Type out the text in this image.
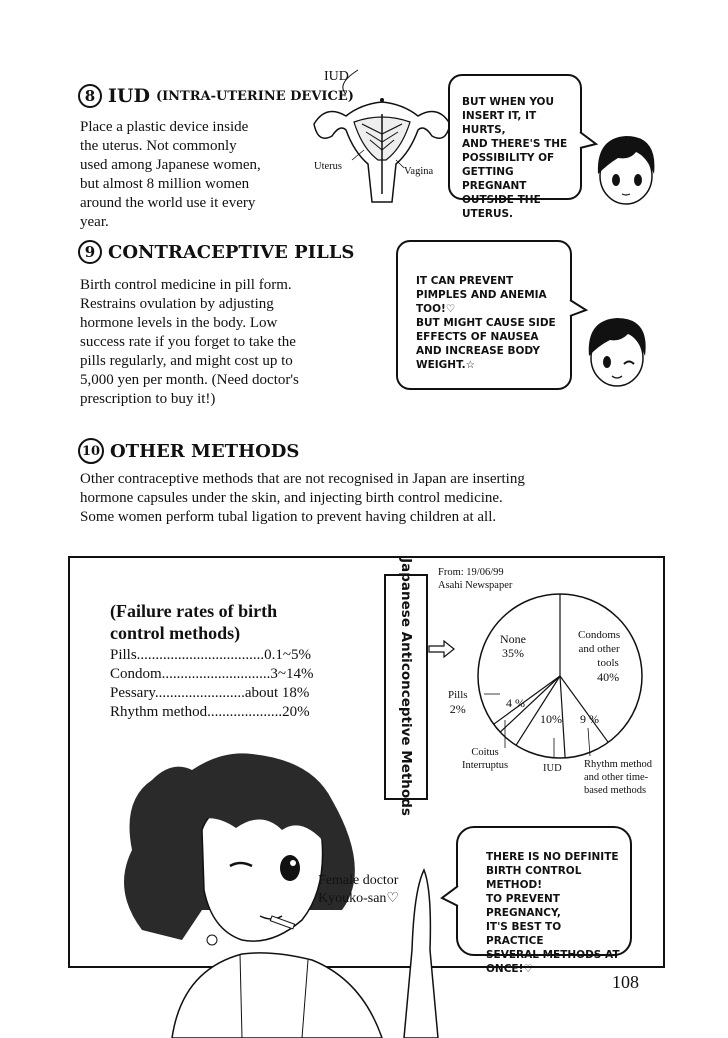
8 IUD (INTRA-UTERINE DEVICE)
Place a plastic device inside
the uterus. Not commonly
used among Japanese women,
but almost 8 million women
around the world use it every
year.
IUD
Uterus	Vagina
BUT WHEN YOU
INSERT IT, IT HURTS,
AND THERE'S THE
POSSIBILITY OF
GETTING PREGNANT
OUTSIDE THE
UTERUS.
9 CONTRACEPTIVE PILLS
Birth control medicine in pill form.
Restrains ovulation by adjusting
hormone levels in the body. Low
success rate if you forget to take the
pills regularly, and might cost up to
5,000 yen per month. (Need doctor's
prescription to buy it!)
IT CAN PREVENT
PIMPLES AND ANEMIA
TOO!♡
BUT MIGHT CAUSE SIDE
EFFECTS OF NAUSEA
AND INCREASE BODY
WEIGHT.☆
10 OTHER METHODS
Other contraceptive methods that are not recognised in Japan are inserting
hormone capsules under the skin, and injecting birth control medicine.
Some women perform tubal ligation to prevent having children at all.
(Failure rates of birth
control methods)
Pills..................................0.1~5%
Condom.............................3~14%
Pessary........................about 18%
Rhythm method....................20%	Japanese Anticonceptive Methods From: 19/06/99
Asahi Newspaper
None
35%
Condoms
and other
tools
40%
Pills
2%	4 %
10% 9 %
Coitus
Interruptus	IUD Rhythm method
and other time-
based methods
Female doctor
Kyouko-san♡
THERE IS NO DEFINITE
BIRTH CONTROL METHOD!
TO PREVENT PREGNANCY,
IT'S BEST TO PRACTICE
SEVERAL METHODS AT
ONCE!♡
108
